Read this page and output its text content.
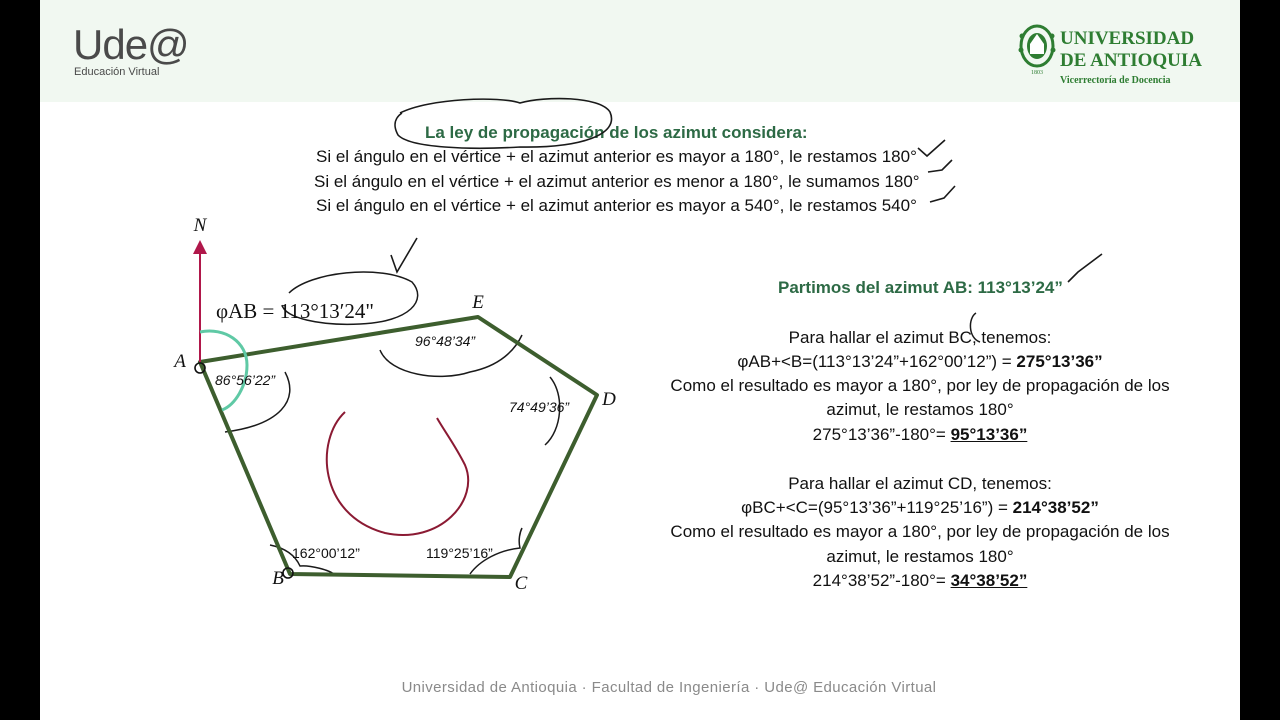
Ude@
Educación Virtual	1803
UNIVERSIDAD
DE ANTIOQUIA
Vicerrectoría de Docencia
La ley de propagación de los azimut considera:
Si el ángulo en el vértice + el azimut anterior es mayor a 180°, le restamos 180°
Si el ángulo en el vértice + el azimut anterior es menor a 180°, le sumamos 180°
Si el ángulo en el vértice + el azimut anterior es mayor a 540°, le restamos 540°
N
A
E
D
C
B
φAB = 113°13′24"
86°56’22”
96°48’34”
74°49’36”
119°25’16”
162°00’12”
Partimos del azimut AB: 113°13’24”
Para hallar el azimut BC, tenemos:
φAB+<B=(113°13’24”+162°00’12”) = 275°13’36”
Como el resultado es mayor a 180°, por ley de propagación de los
azimut, le restamos 180°
275°13’36”-180°= 95°13’36”
Para hallar el azimut CD, tenemos:
φBC+<C=(95°13’36”+119°25’16”) = 214°38’52”
Como el resultado es mayor a 180°, por ley de propagación de los
azimut, le restamos 180°
214°38’52”-180°= 34°38’52”
Universidad de Antioquia · Facultad de Ingeniería · Ude@ Educación Virtual
